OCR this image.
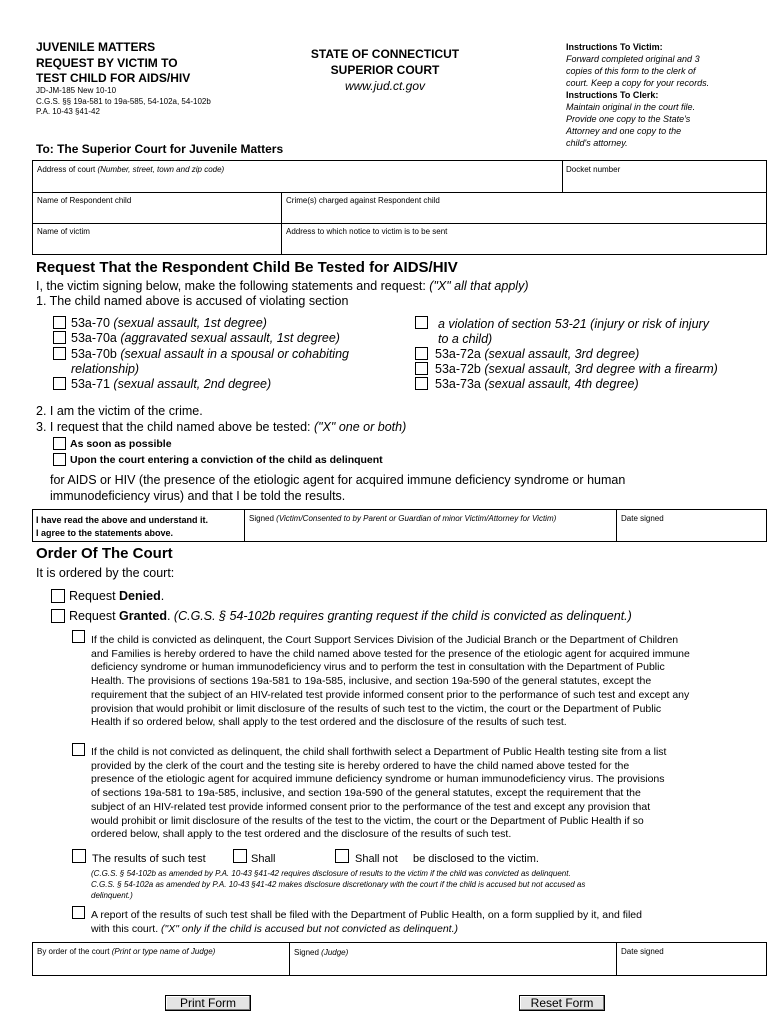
JUVENILE MATTERS
REQUEST BY VICTIM TO
TEST CHILD FOR AIDS/HIV
JD-JM-185 New 10-10
C.G.S. §§ 19a-581 to 19a-585, 54-102a, 54-102b
P.A. 10-43 §41-42
STATE OF CONNECTICUT
SUPERIOR COURT
www.jud.ct.gov
To: The Superior Court for Juvenile Matters
Instructions To Victim:
Forward completed original and 3
copies of this form to the clerk of
court. Keep a copy for your records.
Instructions To Clerk:
Maintain original in the court file.
Provide one copy to the State's
Attorney and one copy to the
child's attorney.
Address of court (Number, street, town and zip code)	Docket number
Name of Respondent child	Crime(s) charged against Respondent child
Name of victim	Address to which notice to victim is to be sent
Request That the Respondent Child Be Tested for AIDS/HIV
I, the victim signing below, make the following statements and request: ("X" all that apply)
1. The child named above is accused of violating section
53a-70 (sexual assault, 1st degree)
53a-70a (aggravated sexual assault, 1st degree)
53a-70b (sexual assault in a spousal or cohabiting
relationship)
53a-71 (sexual assault, 2nd degree)
a violation of section 53-21 (injury or risk of injury
to a child)
53a-72a (sexual assault, 3rd degree)
53a-72b (sexual assault, 3rd degree with a firearm)
53a-73a (sexual assault, 4th degree)
2. I am the victim of the crime.
3. I request that the child named above be tested: ("X" one or both)
As soon as possible
Upon the court entering a conviction of the child as delinquent
for AIDS or HIV (the presence of the etiologic agent for acquired immune deficiency syndrome or human
immunodeficiency virus) and that I be told the results.
I have read the above and understand it.
I agree to the statements above.
Signed (Victim/Consented to by Parent or Guardian of minor Victim/Attorney for Victim)	Date signed
Order Of The Court
It is ordered by the court:
Request Denied.
Request Granted. (C.G.S. § 54-102b requires granting request if the child is convicted as delinquent.)
If the child is convicted as delinquent, the Court Support Services Division of the Judicial Branch or the Department of Children
and Families is hereby ordered to have the child named above tested for the presence of the etiologic agent for acquired immune
deficiency syndrome or human immunodeficiency virus and to perform the test in consultation with the Department of Public
Health. The provisions of sections 19a-581 to 19a-585, inclusive, and section 19a-590 of the general statutes, except the
requirement that the subject of an HIV-related test provide informed consent prior to the performance of such test and except any
provision that would prohibit or limit disclosure of the results of such test to the victim, the court or the Department of Public
Health if so ordered below, shall apply to the test ordered and the disclosure of the results of such test.
If the child is not convicted as delinquent, the child shall forthwith select a Department of Public Health testing site from a list
provided by the clerk of the court and the testing site is hereby ordered to have the child named above tested for the
presence of the etiologic agent for acquired immune deficiency syndrome or human immunodeficiency virus. The provisions
of sections 19a-581 to 19a-585, inclusive, and section 19a-590 of the general statutes, except the requirement that the
subject of an HIV-related test provide informed consent prior to the performance of the test and except any provision that
would prohibit or limit disclosure of the results of the test to the victim, the court or the Department of Public Health if so
ordered below, shall apply to the test ordered and the disclosure of the results of such test.
The results of such test	Shall	Shall not be disclosed to the victim.
(C.G.S. § 54-102b as amended by P.A. 10-43 §41-42 requires disclosure of results to the victim if the child was convicted as delinquent.
C.G.S. § 54-102a as amended by P.A. 10-43 §41-42 makes disclosure discretionary with the court if the child is accused but not accused as
delinquent.)
A report of the results of such test shall be filed with the Department of Public Health, on a form supplied by it, and filed
with this court. ("X" only if the child is accused but not convicted as delinquent.)
By order of the court (Print or type name of Judge)	Signed (Judge)	Date signed
Print Form	Reset Form
